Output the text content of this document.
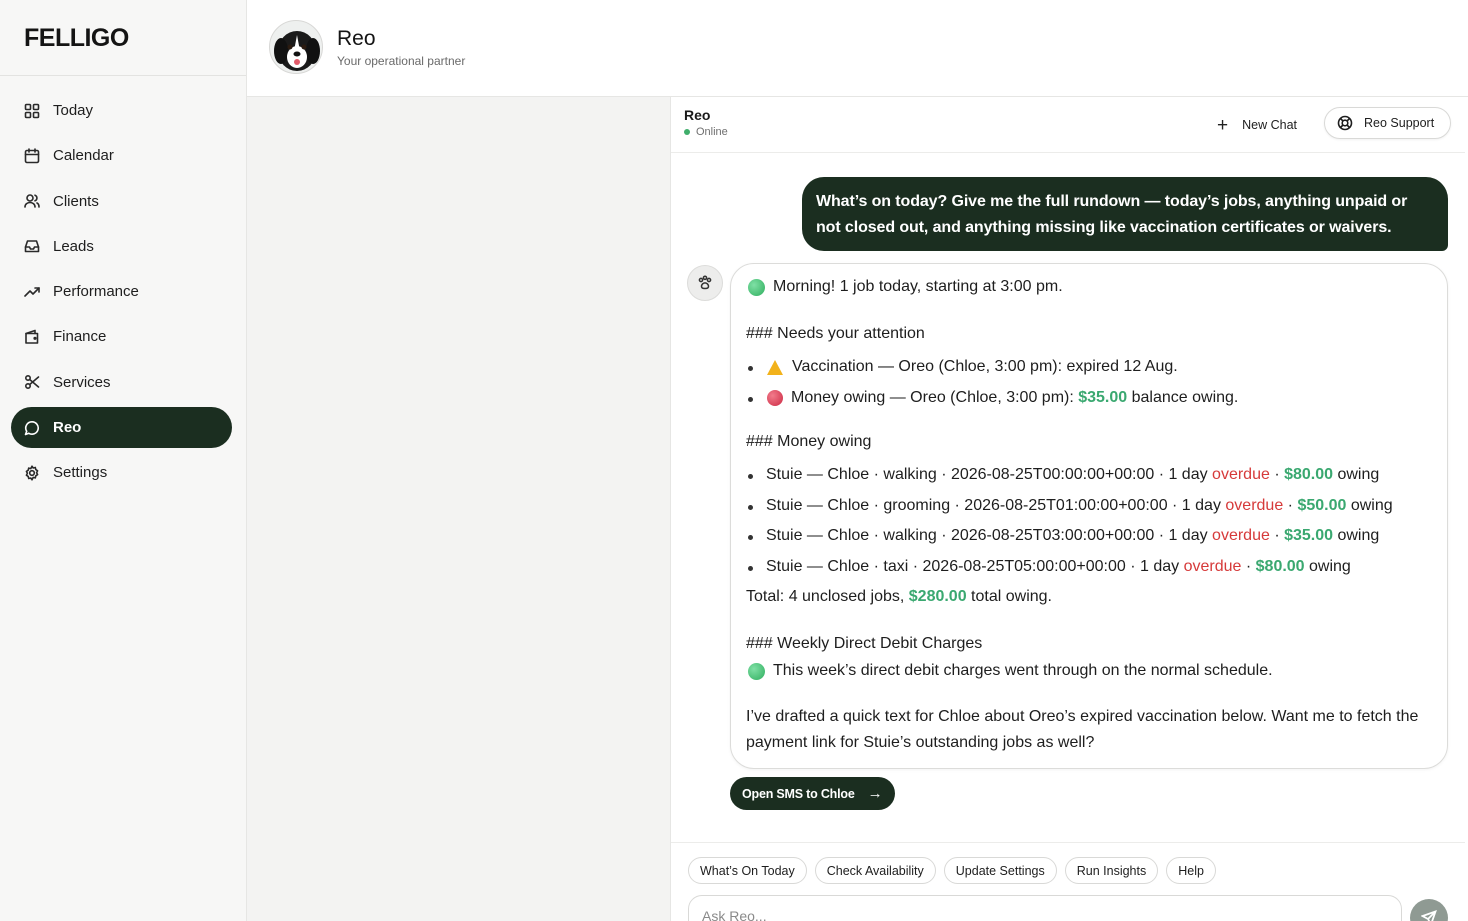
FELLIGO
Today
Calendar
Clients
Leads
Performance
Finance
Services
Reo
Settings
Reo
Your operational partner
Reo
Online	+ New Chat	Reo Support
What’s on today? Give me the full rundown — today’s jobs, anything unpaid or not closed out, and anything missing like vaccination certificates or waivers.
Morning! 1 job today, starting at 3:00 pm.
### Needs your attention
Vaccination — Oreo (Chloe, 3:00 pm): expired 12 Aug.
Money owing — Oreo (Chloe, 3:00 pm): $35.00 balance owing.
### Money owing
Stuie — Chloe · walking · 2026-08-25T00:00:00+00:00 · 1 day overdue · $80.00 owing
Stuie — Chloe · grooming · 2026-08-25T01:00:00+00:00 · 1 day overdue · $50.00 owing
Stuie — Chloe · walking · 2026-08-25T03:00:00+00:00 · 1 day overdue · $35.00 owing
Stuie — Chloe · taxi · 2026-08-25T05:00:00+00:00 · 1 day overdue · $80.00 owing
Total: 4 unclosed jobs, $280.00 total owing.
### Weekly Direct Debit Charges
This week’s direct debit charges went through on the normal schedule.
I’ve drafted a quick text for Chloe about Oreo’s expired vaccination below. Want me to fetch the payment link for Stuie’s outstanding jobs as well?
Open SMS to Chloe →
What’s On Today	Check Availability	Update Settings	Run Insights	Help
Ask Reo...
